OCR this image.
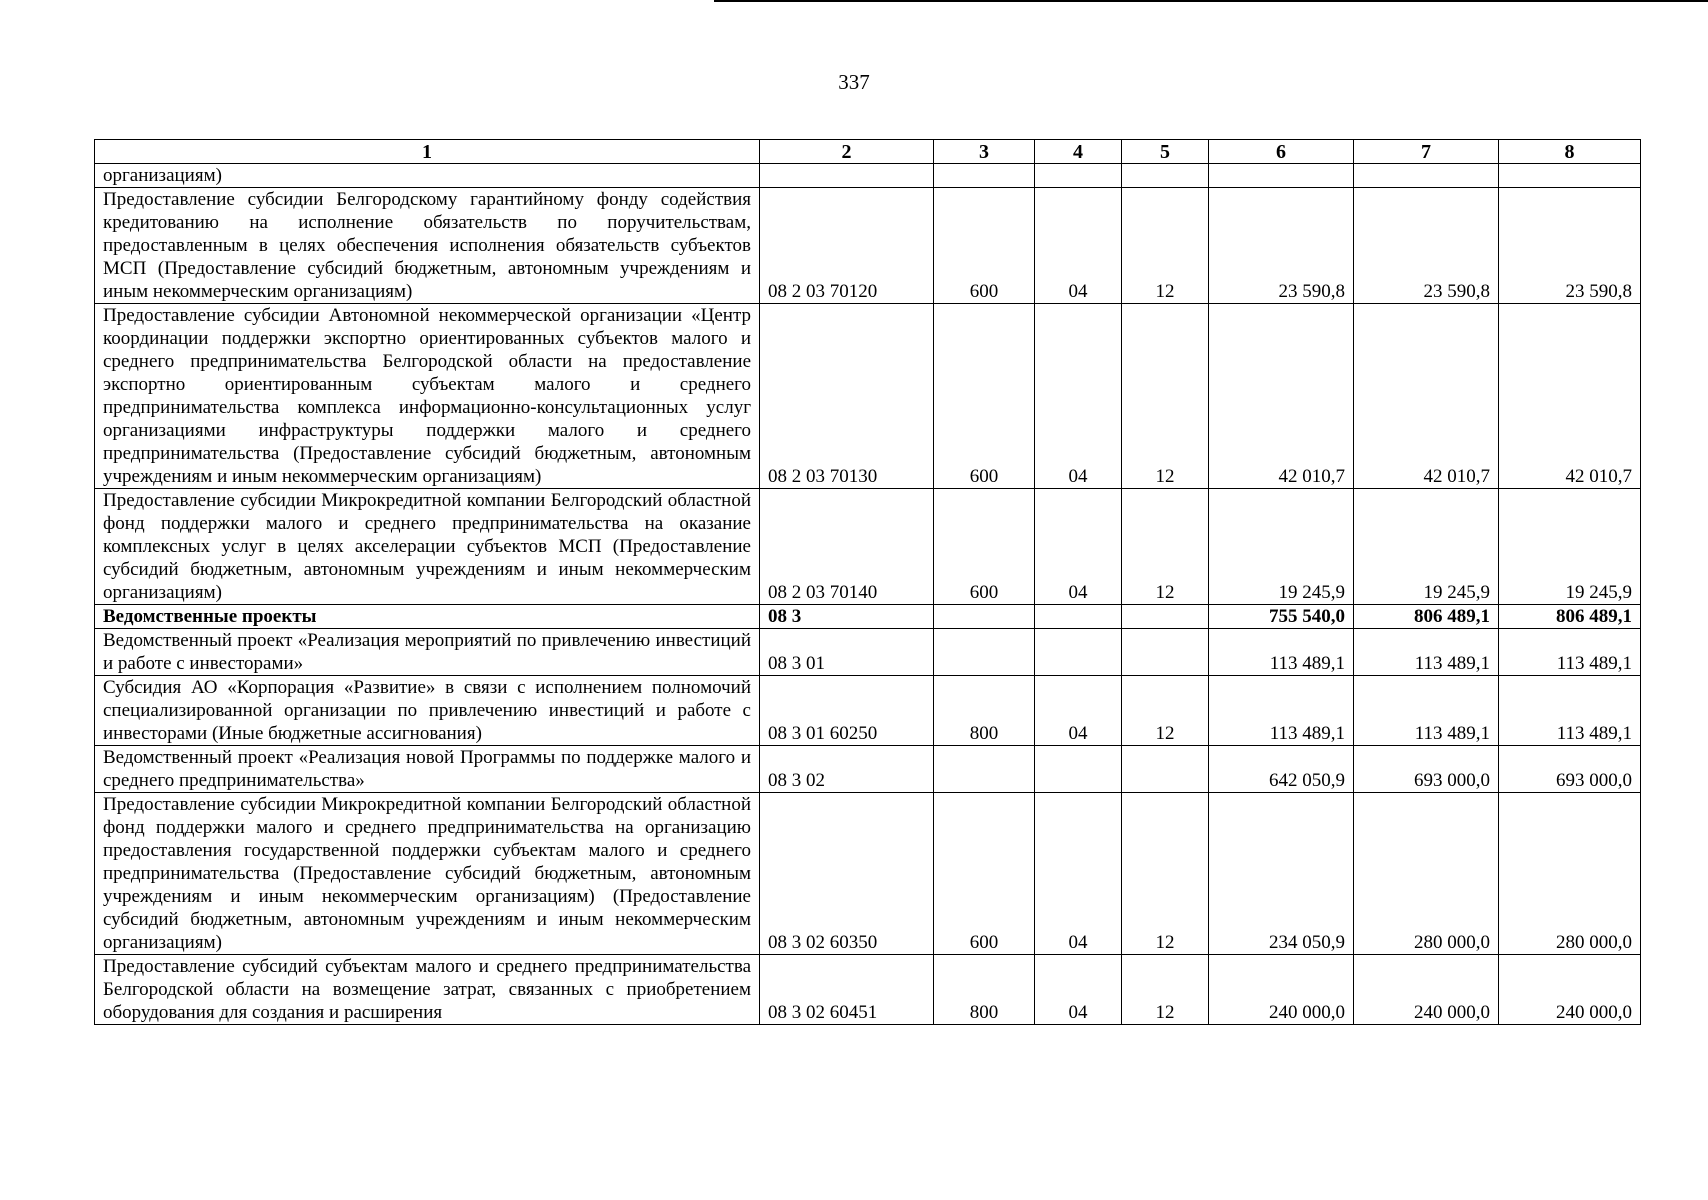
337
1	2	3	4	5	6	7	8
организациям)							
Предоставление субсидии Белгородскому гарантийному фонду содействия кредитованию на исполнение обязательств по поручительствам, предоставленным в целях обеспечения исполнения обязательств субъектов МСП (Предоставление субсидий бюджетным, автономным учреждениям и иным некоммерческим организациям)	08 2 03 70120	600	04	12	23 590,8	23 590,8	23 590,8
Предоставление субсидии Автономной некоммерческой организации «Центр координации поддержки экспортно ориентированных субъектов малого и среднего предпринимательства Белгородской области на предоставление экспортно ориентированным субъектам малого и среднего предпринимательства комплекса информационно-консультационных услуг организациями инфраструктуры поддержки малого и среднего предпринимательства (Предоставление субсидий бюджетным, автономным учреждениям и иным некоммерческим организациям)	08 2 03 70130	600	04	12	42 010,7	42 010,7	42 010,7
Предоставление субсидии Микрокредитной компании Белгородский областной фонд поддержки малого и среднего предпринимательства на оказание комплексных услуг в целях акселерации субъектов МСП (Предоставление субсидий бюджетным, автономным учреждениям и иным некоммерческим организациям)	08 2 03 70140	600	04	12	19 245,9	19 245,9	19 245,9
Ведомственные проекты	08 3				755 540,0	806 489,1	806 489,1
Ведомственный проект «Реализация мероприятий по привлечению инвестиций и работе с инвесторами»	08 3 01				113 489,1	113 489,1	113 489,1
Субсидия АО «Корпорация «Развитие» в связи с исполнением полномочий специализированной организации по привлечению инвестиций и работе с инвесторами (Иные бюджетные ассигнования)	08 3 01 60250	800	04	12	113 489,1	113 489,1	113 489,1
Ведомственный проект «Реализация новой Программы по поддержке малого и среднего предпринимательства»	08 3 02				642 050,9	693 000,0	693 000,0
Предоставление субсидии Микрокредитной компании Белгородский областной фонд поддержки малого и среднего предпринимательства на организацию предоставления государственной поддержки субъектам малого и среднего предпринимательства (Предоставление субсидий бюджетным, автономным учреждениям и иным некоммерческим организациям) (Предоставление субсидий бюджетным, автономным учреждениям и иным некоммерческим организациям)	08 3 02 60350	600	04	12	234 050,9	280 000,0	280 000,0
Предоставление субсидий субъектам малого и среднего предпринимательства Белгородской области на возмещение затрат, связанных с приобретением оборудования для создания и расширения	08 3 02 60451	800	04	12	240 000,0	240 000,0	240 000,0
